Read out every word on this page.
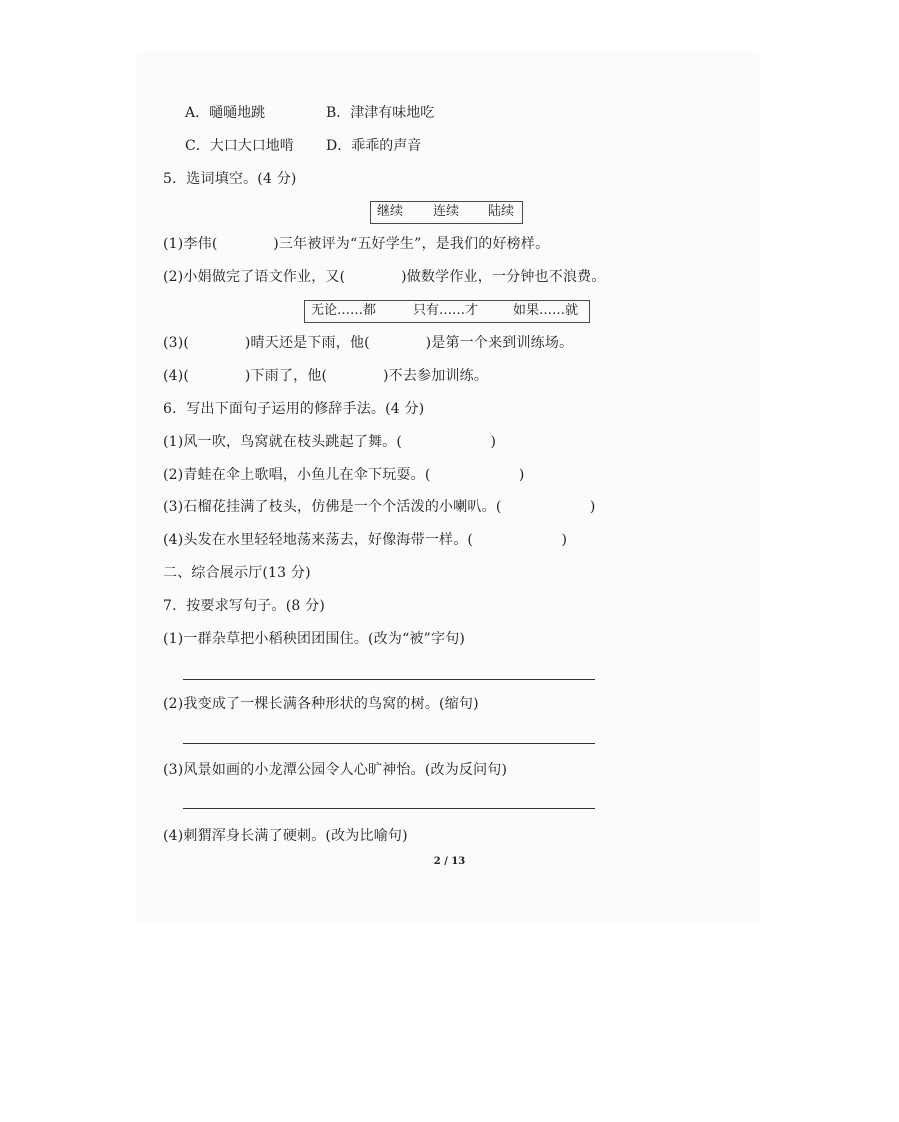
A．嗵嗵地跳	B．津津有味地吃
C．大口大口地啃 D．乖乖的声音
5．选词填空。(4 分)

继续

连续

陆续

(1)李伟(            )三年被评为“五好学生”，是我们的好榜样。
(2)小娟做完了语文作业，又(            )做数学作业，一分钟也不浪费。

无论……都

	只有……才

	如果……就

(3)(            )晴天还是下雨，他(            )是第一个来到训练场。
(4)(            )下雨了，他(            )不去参加训练。
6．写出下面句子运用的修辞手法。(4 分)
(1)风一吹，鸟窝就在枝头跳起了舞。(                   )
(2)青蛙在伞上歌唱，小鱼儿在伞下玩耍。(                   )
(3)石榴花挂满了枝头，仿佛是一个个活泼的小喇叭。(                   )
(4)头发在水里轻轻地荡来荡去，好像海带一样。(                   )
二、综合展示厅(13 分)
7．按要求写句子。(8 分)
(1)一群杂草把小稻秧团团围住。(改为“被”字句)
(2)我变成了一棵长满各种形状的鸟窝的树。(缩句)
(3)风景如画的小龙潭公园令人心旷神怡。(改为反问句)
(4)刺猬浑身长满了硬刺。(改为比喻句)
2 / 13
